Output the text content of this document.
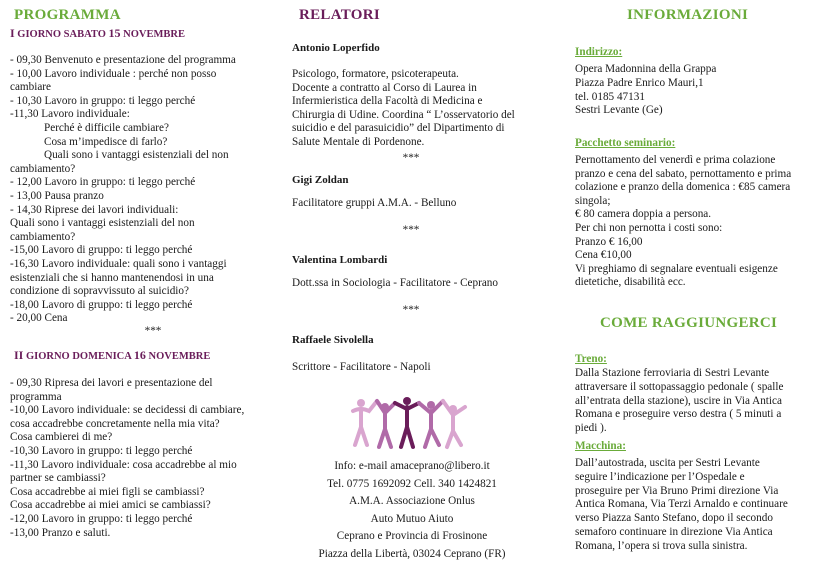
PROGRAMMA
I GIORNO SABATO 15 NOVEMBRE
- 09,30 Benvenuto e presentazione del programma
- 10,00 Lavoro individuale : perché non posso
cambiare
- 10,30 Lavoro in gruppo: ti leggo perché
-11,30 Lavoro individuale:
Perché è difficile cambiare?
Cosa m’impedisce di farlo?
Quali sono i vantaggi esistenziali del non
cambiamento?
- 12,00 Lavoro in gruppo: ti leggo perché
- 13,00 Pausa pranzo
- 14,30 Riprese dei lavori individuali:
Quali sono i vantaggi esistenziali del non
cambiamento?
-15,00 Lavoro di gruppo: ti leggo perché
-16,30 Lavoro individuale: quali sono i vantaggi
esistenziali che si hanno mantenendosi in una
condizione di sopravvissuto al suicidio?
-18,00 Lavoro di gruppo: ti leggo perché
- 20,00 Cena
***
II GIORNO DOMENICA 16 NOVEMBRE
- 09,30 Ripresa dei lavori e presentazione del
programma
-10,00 Lavoro individuale: se decidessi di cambiare,
cosa accadrebbe concretamente nella mia vita?
Cosa cambierei di me?
-10,30 Lavoro in gruppo: ti leggo perché
-11,30 Lavoro individuale: cosa accadrebbe al mio
partner se cambiassi?
Cosa accadrebbe ai miei figli se cambiassi?
Cosa accadrebbe ai miei amici se cambiassi?
-12,00 Lavoro in gruppo: ti leggo perché
-13,00 Pranzo e saluti.
RELATORI
Antonio Loperfido
Psicologo, formatore, psicoterapeuta.
Docente a contratto al Corso di Laurea in
Infermieristica della Facoltà di Medicina e
Chirurgia di Udine. Coordina “ L’osservatorio del
suicidio e del parasuicidio” del Dipartimento di
Salute Mentale di Pordenone.
***
Gigi Zoldan
Facilitatore gruppi A.M.A. - Belluno
***
Valentina Lombardi
Dott.ssa in Sociologia - Facilitatore - Ceprano
***
Raffaele Sivolella
Scrittore - Facilitatore - Napoli
Info: e-mail amaceprano@libero.it
Tel. 0775 1692092 Cell. 340 1424821
A.M.A. Associazione Onlus
Auto Mutuo Aiuto
Ceprano e Provincia di Frosinone
Piazza della Libertà, 03024 Ceprano (FR)
INFORMAZIONI
Indirizzo:
Opera Madonnina della Grappa
Piazza Padre Enrico Mauri,1
tel. 0185 47131
Sestri Levante (Ge)
Pacchetto seminario:
Pernottamento del venerdì e prima colazione
pranzo e cena del sabato, pernottamento e prima
colazione e pranzo della domenica : €85 camera
singola;
€ 80 camera doppia a persona.
Per chi non pernotta i costi sono:
Pranzo € 16,00
Cena €10,00
Vi preghiamo di segnalare eventuali esigenze
dietetiche, disabilità ecc.
COME RAGGIUNGERCI
Treno:
Dalla Stazione ferroviaria di Sestri Levante
attraversare il sottopassaggio pedonale ( spalle
all’entrata della stazione), uscire in Via Antica
Romana e proseguire verso destra ( 5 minuti a
piedi ).
Macchina:
Dall’autostrada, uscita per Sestri Levante
seguire l’indicazione per l’Ospedale e
proseguire per Via Bruno Primi direzione Via
Antica Romana, Via Terzi Arnaldo e continuare
verso Piazza Santo Stefano, dopo il secondo
semaforo continuare in direzione Via Antica
Romana, l’opera si trova sulla sinistra.
